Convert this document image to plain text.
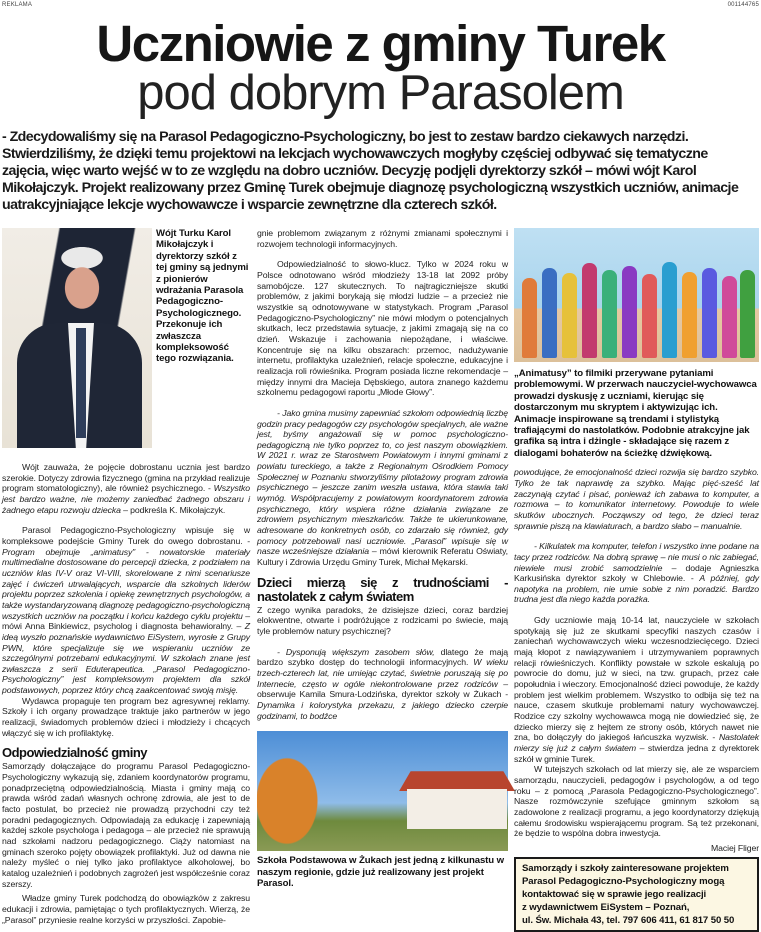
REKLAMA	001144765
Uczniowie z gminy Turek
pod dobrym Parasolem
- Zdecydowaliśmy się na Parasol Pedagogiczno-Psychologiczny, bo jest to zestaw bardzo ciekawych narzędzi. Stwierdziliśmy, że dzięki temu projektowi na lekcjach wychowawczych mogłyby częściej odbywać się tematyczne zajęcia, więc warto wejść w to ze względu na dobro uczniów. Decyzję podjęli dyrektorzy szkół – mówi wójt Karol Mikołajczyk. Projekt realizowany przez Gminę Turek obejmuje diagnozę psychologiczną wszystkich uczniów, animacje uatrakcyjniające lekcje wychowawcze i wsparcie zewnętrzne dla czterech szkół.
Wójt Turku Karol Mikołajczyk i dyrektorzy szkół z tej gminy są jednymi z pionierów wdrażania Parasola Pedagogiczno-Psychologicznego. Przekonuje ich zwłaszcza kompleksowość tego rozwiązania.

Wójt zauważa, że pojęcie dobrostanu ucznia jest bardzo szerokie. Dotyczy zdrowia fizycznego (gmina na przykład realizuje program stomatologiczny), ale również psychicznego. - Wszystko jest bardzo ważne, nie możemy zaniedbać żadnego obszaru i żadnego etapu rozwoju dziecka – podkreśla K. Mikołajczyk.

Parasol Pedagogiczno-Psychologiczny wpisuje się w kompleksowe podejście Gminy Turek do owego dobrostanu. - Program obejmuje „animatusy” - nowatorskie materiały multimedialne dostosowane do percepcji dziecka, z podziałem na uczniów klas IV-V oraz VI-VIII, skorelowane z nimi scenariusze zajęć i ćwiczeń utrwalających, wsparcie dla szkolnych liderów projektu poprzez szkolenia i opiekę zewnętrznych psychologów, a także wystandaryzowaną diagnozę pedagogiczno-psychologiczną wszystkich uczniów na początku i końcu każdego cyklu projektu – mówi Anna Binkiewicz, psycholog i diagnosta behawioralny. – Z ideą wyszło poznańskie wydawnictwo EiSystem, wyrosłe z Grupy PWN, które specjalizuje się we wspieraniu uczniów ze szczególnymi potrzebami edukacyjnymi. W szkołach znane jest zwłaszcza z serii Eduterapeutica. „Parasol Pedagogiczno-Psychologiczny” jest kompleksowym projektem dla szkół podstawowych, poprzez który chcą zaakcentować swoją misję.

Wydawca propaguje ten program bez agresywnej reklamy. Szkoły i ich organy prowadzące traktuje jako partnerów w jego realizacji, świadomych problemów dzieci i młodzieży i chcących włączyć się w ich profilaktykę.

Odpowiedzialność gminy

Samorządy dołączające do programu Parasol Pedagogiczno-Psychologiczny wykazują się, zdaniem koordynatorów programu, ponadprzeciętną odpowiedzialnością. Miasta i gminy mają co prawda wśród zadań własnych ochronę zdrowia, ale jest to de facto postulat, bo przecież nie prowadzą przychodni czy też poradni pedagogicznych. Odpowiadają za edukację i zapewniają każdej szkole psychologa i pedagoga – ale przecież nie sprawują nad szkołami nadzoru pedagogicznego. Ciąży natomiast na gminach szeroko pojęty obowiązek profilaktyki. Już od dawna nie należy myśleć o niej tylko jako profilaktyce alkoholowej, bo katalog uzależnień i podobnych zagrożeń jest współcześnie coraz szerszy.

Władze gminy Turek podchodzą do obowiązków z zakresu edukacji i zdrowia, pamiętając o tych profilaktycznych. Wierzą, że „Parasol” przyniesie realne korzyści w przyszłości. Zapobie-

gnie problemom związanym z różnymi zmianami społecznymi i rozwojem technologii informacyjnych.

Odpowiedzialność to słowo-klucz. Tylko w 2024 roku w Polsce odnotowano wśród młodzieży 13-18 lat 2092 próby samobójcze. 127 skutecznych. To najtragiczniejsze skutki problemów, z jakimi borykają się młodzi ludzie – a przecież nie wszystkie są odnotowywane w statystykach. Program „Parasol Pedagogiczno-Psychologiczny” nie mówi młodym o potencjalnych skutkach, lecz przedstawia sytuacje, z jakimi zmagają się na co dzień. Wskazuje i zachowania niepożądane, i właściwe. Koncentruje się na kilku obszarach: przemoc, nadużywanie internetu, profilaktyka uzależnień, relacje społeczne, edukacyjne i realizacja roli rówieśnika. Program posiada liczne rekomendacje – między innymi dra Macieja Dębskiego, autora znanego każdemu szkolnemu pedagogowi raportu „Młode Głowy”.

- Jako gmina musimy zapewniać szkołom odpowiednią liczbę godzin pracy pedagogów czy psychologów specjalnych, ale ważne jest, byśmy angażowali się w pomoc psychologiczno-pedagogiczną nie tylko poprzez to, co jest naszym obowiązkiem. W 2021 r. wraz ze Starostwem Powiatowym i innymi gminami z powiatu tureckiego, a także z Regionalnym Ośrodkiem Pomocy Społecznej w Poznaniu stworzyliśmy pilotażowy program zdrowia psychicznego – jeszcze zanim weszła ustawa, która stawia taki wymóg. Współpracujemy z powiatowym koordynatorem zdrowia psychicznego, który wspiera różne działania związane ze zdrowiem psychicznym mieszkańców. Także te ukierunkowane, adresowane do konkretnych osób, co zdarzało się również, gdy pomocy potrzebowali nasi uczniowie. „Parasol” wpisuje się w nasze wcześniejsze działania – mówi kierownik Referatu Oświaty, Kultury i Zdrowia Urzędu Gminy Turek, Michał Mękarski.

Dzieci mierzą się z trudnościami - nastolatek z całym światem

Z czego wynika paradoks, że dzisiejsze dzieci, coraz bardziej elokwentne, otwarte i podróżujące z rodzicami po świecie, mają tyle problemów natury psychicznej?

- Dysponują większym zasobem słów, dlatego że mają bardzo szybko dostęp do technologii informacyjnych. W wieku trzech-czterech lat, nie umiejąc czytać, świetnie poruszają się po Internecie, często w ogóle niekontrolowane przez rodziców – obserwuje Kamila Smura-Lodzińska, dyrektor szkoły w Żukach - Dynamika i kolorystyka przekazu, z jakiego dziecko czerpie godzinami, to bodźce

Szkoła Podstawowa w Żukach jest jedną z kilkunastu w naszym regionie, gdzie już realizowany jest projekt Parasol.
„Animatusy” to filmiki przerywane pytaniami problemowymi. W przerwach nauczyciel-wychowawca prowadzi dyskusję z uczniami, kierując się dostarczonym mu skryptem i aktywizując ich. Animacje inspirowane są trendami i stylistyką trafiającymi do nastolatków. Podobnie atrakcyjne jak grafika są intra i dżingle - składające się razem z dialogami bohaterów na ścieżkę dźwiękową.

powodujące, że emocjonalność dzieci rozwija się bardzo szybko. Tylko że tak naprawdę za szybko. Mając pięć-sześć lat zaczynają czytać i pisać, ponieważ ich zabawa to komputer, a rozmowa – to komunikator internetowy. Powoduje to wiele skutków ubocznych. Począwszy od tego, że dzieci teraz sprawnie piszą na klawiaturach, a bardzo słabo – manualnie.

- Kilkulatek ma komputer, telefon i wszystko inne podane na tacy przez rodziców. Na dobrą sprawę – nie musi o nic zabiegać, niewiele musi zrobić samodzielnie – dodaje Agnieszka Karkusińska dyrektor szkoły w Chlebowie. - A później, gdy napotyka na problem, nie umie sobie z nim poradzić. Bardzo trudna jest dla niego każda porażka.

Gdy uczniowie mają 10-14 lat, nauczyciele w szkołach spotykają się już ze skutkami specyfiki naszych czasów i zaniechań wychowawczych wieku wczesnodziecięcego. Dzieci mają kłopot z nawiązywaniem i utrzymywaniem poprawnych relacji rówieśniczych. Konflikty powstałe w szkole eskalują po powrocie do domu, już w sieci, na tzw. grupach, przez całe popołudnia i wieczory. Emocjonalność dzieci powoduje, że każdy problem jest wielkim problemem. Wszystko to odbija się też na nauce, czasem skutkuje problemami natury wychowawczej. Rodzice czy szkolny wychowawca mogą nie dowiedzieć się, że dziecko mierzy się z hejtem ze strony osób, których nawet nie zna, bo dołączyły do jakiegoś łańcuszka wyzwisk. - Nastolatek mierzy się już z całym światem – stwierdza jedna z dyrektorek szkół w gminie Turek.

W tutejszych szkołach od lat mierzy się, ale ze wsparciem samorządu, nauczycieli, pedagogów i psychologów, a od tego roku – z pomocą „Parasola Pedagogiczno-Psychologicznego”. Nasze rozmówczynie szefujące gminnym szkołom są zadowolone z realizacji programu, a jego koordynatorzy dziękują całemu środowisku wspierającemu program. Są też przekonani, że będzie to wspólna dobra inwestycja.

Maciej Fliger
Samorządy i szkoły zainteresowane projektem
Parasol Pedagogiczno-Psychologiczny mogą
kontaktować się w sprawie jego realizacji
z wydawnictwem EiSystem – Poznań,
ul. Św. Michała 43, tel. 797 606 411, 61 817 50 50
